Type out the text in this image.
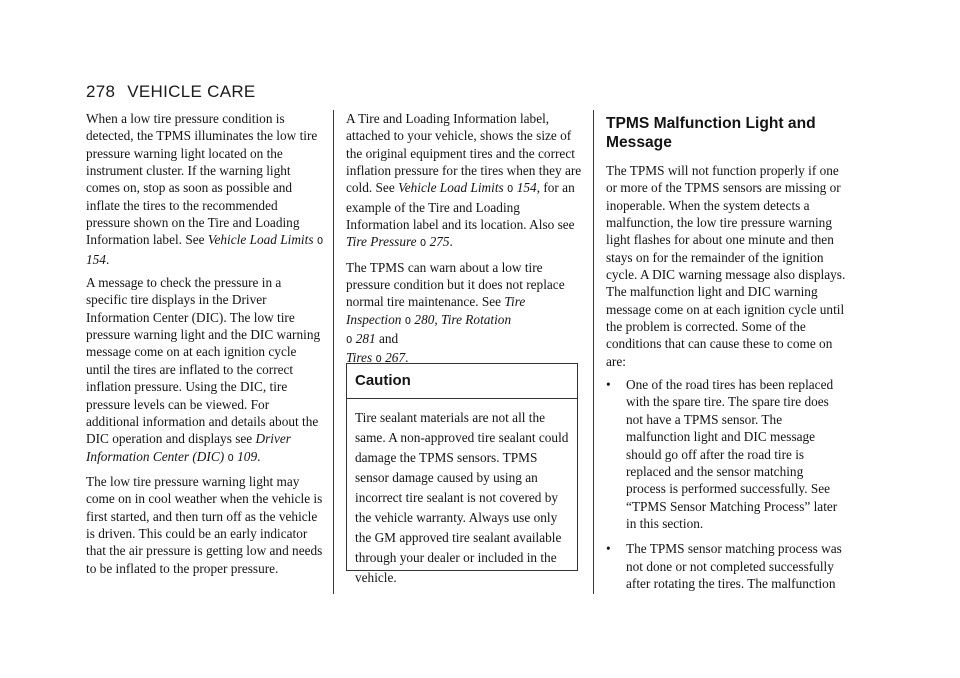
278 VEHICLE CARE

When a low tire pressure condition is detected, the TPMS illuminates the low tire pressure warning light located on the instrument cluster. If the warning light comes on, stop as soon as possible and inflate the tires to the recommended pressure shown on the Tire and Loading Information label. See Vehicle Load Limits 0 154.

A message to check the pressure in a specific tire displays in the Driver Information Center (DIC). The low tire pressure warning light and the DIC warning message come on at each ignition cycle until the tires are inflated to the correct inflation pressure. Using the DIC, tire pressure levels can be viewed. For additional information and details about the DIC operation and displays see Driver Information Center (DIC) 0 109.

The low tire pressure warning light may come on in cool weather when the vehicle is first started, and then turn off as the vehicle is driven. This could be an early indicator that the air pressure is getting low and needs to be inflated to the proper pressure.

A Tire and Loading Information label, attached to your vehicle, shows the size of the original equipment tires and the correct inflation pressure for the tires when they are cold. See Vehicle Load Limits 0 154, for an example of the Tire and Loading Information label and its location. Also see Tire Pressure 0 275.

The TPMS can warn about a low tire pressure condition but it does not replace normal tire maintenance. See Tire Inspection 0 280, Tire Rotation
0 281 and
Tires 0 267.

Caution
Tire sealant materials are not all the same. A non-approved tire sealant could damage the TPMS sensors. TPMS sensor damage caused by using an incorrect tire sealant is not covered by the vehicle warranty. Always use only the GM approved tire sealant available through your dealer or included in the vehicle.
TPMS Malfunction Light and Message

The TPMS will not function properly if one or more of the TPMS sensors are missing or inoperable. When the system detects a malfunction, the low tire pressure warning light flashes for about one minute and then stays on for the remainder of the ignition cycle. A DIC warning message also displays. The malfunction light and DIC warning message come on at each ignition cycle until the problem is corrected. Some of the conditions that can cause these to come on are:

• One of the road tires has been replaced with the spare tire. The spare tire does not have a TPMS sensor. The malfunction light and DIC message should go off after the road tire is replaced and the sensor matching process is performed successfully. See “TPMS Sensor Matching Process” later in this section.
• The TPMS sensor matching process was not done or not completed successfully after rotating the tires. The malfunction
